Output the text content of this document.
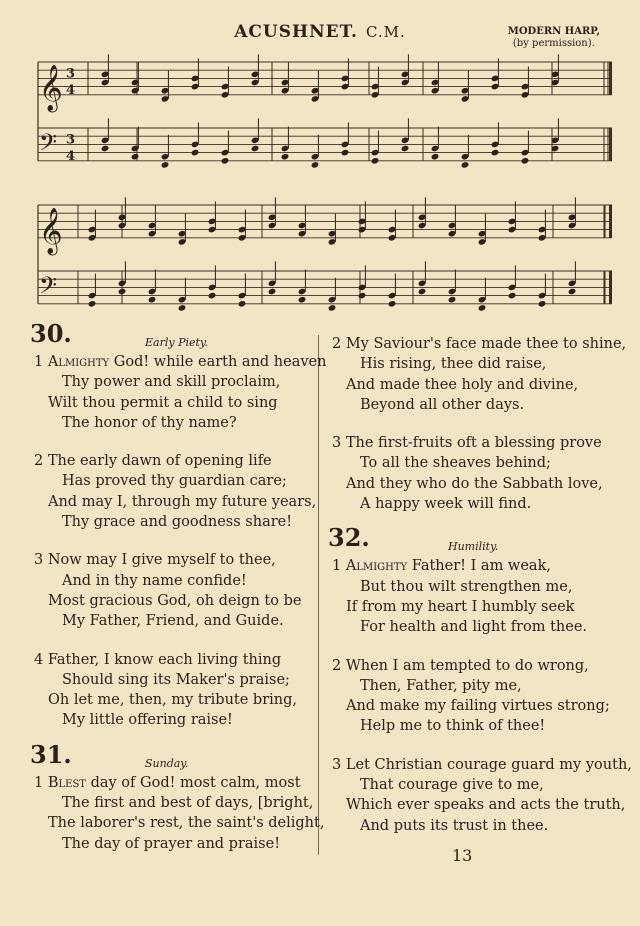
ACUSHNET. C.M.	MODERN HARP,
(by permission).
𝄞 3
4
𝄢 3
4
𝄞
𝄢
30.	Early Piety.
1 Almighty God! while earth and heaven
Thy power and skill proclaim,
Wilt thou permit a child to sing
The honor of thy name?
2 The early dawn of opening life
Has proved thy guardian care;
And may I, through my future years,
Thy grace and goodness share!
3 Now may I give myself to thee,
And in thy name confide!
Most gracious God, oh deign to be
My Father, Friend, and Guide.
4 Father, I know each living thing
Should sing its Maker's praise;
Oh let me, then, my tribute bring,
My little offering raise!
31.	Sunday.
1 Blest day of God! most calm, most
The first and best of days, [bright,
The laborer's rest, the saint's delight,
The day of prayer and praise!
2 My Saviour's face made thee to shine,
His rising, thee did raise,
And made thee holy and divine,
Beyond all other days.
3 The first-fruits oft a blessing prove
To all the sheaves behind;
And they who do the Sabbath love,
A happy week will find.
32.	Humility.
1 Almighty Father! I am weak,
But thou wilt strengthen me,
If from my heart I humbly seek
For health and light from thee.
2 When I am tempted to do wrong,
Then, Father, pity me,
And make my failing virtues strong;
Help me to think of thee!
3 Let Christian courage guard my youth,
That courage give to me,
Which ever speaks and acts the truth,
And puts its trust in thee.
13
